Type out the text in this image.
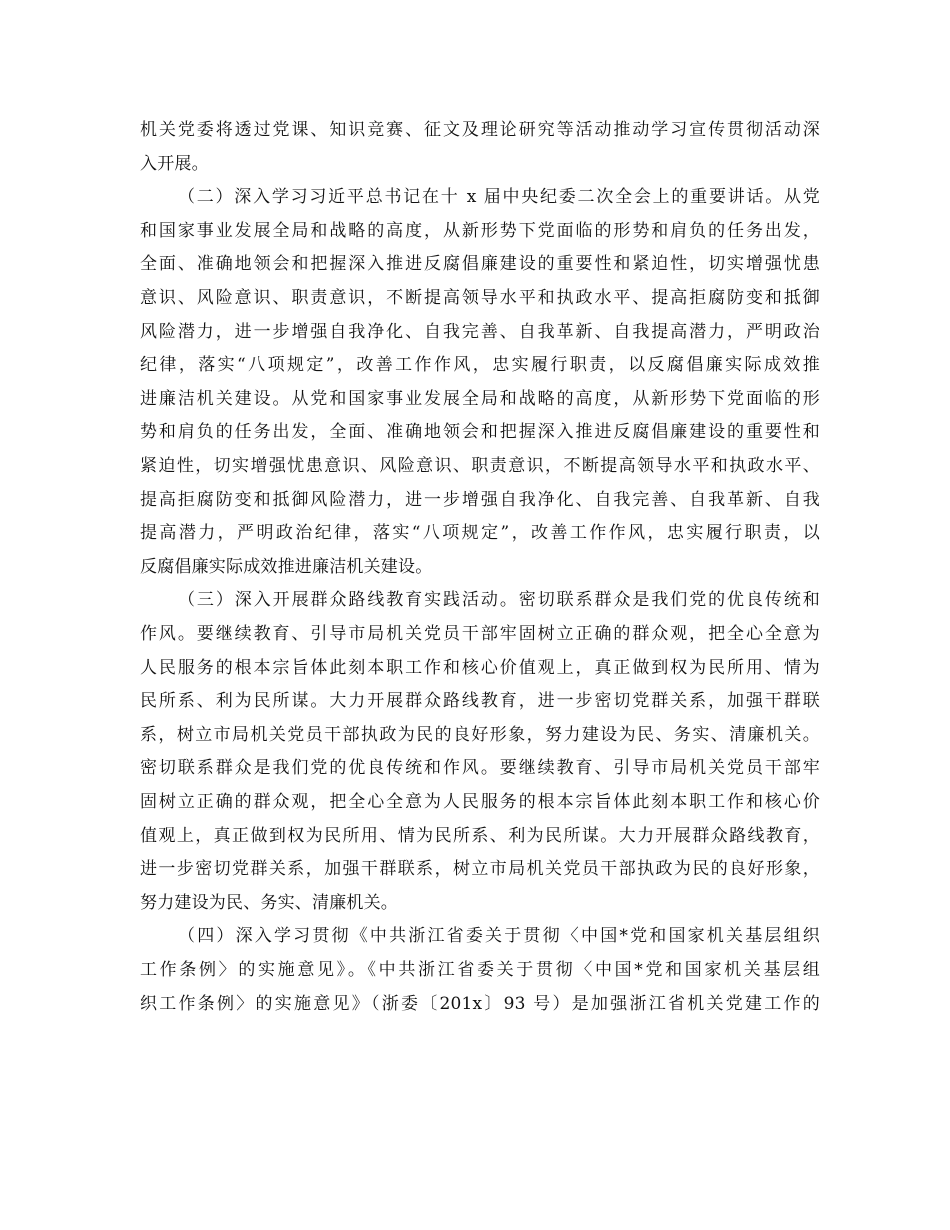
机关党委将透过党课、知识竞赛、征文及理论研究等活动推动学习宣传贯彻活动深
入开展。
（二）深入学习习近平总书记在十 x 届中央纪委二次全会上的重要讲话。从党
和国家事业发展全局和战略的高度，从新形势下党面临的形势和肩负的任务出发，
全面、准确地领会和把握深入推进反腐倡廉建设的重要性和紧迫性，切实增强忧患
意识、风险意识、职责意识，不断提高领导水平和执政水平、提高拒腐防变和抵御
风险潜力，进一步增强自我净化、自我完善、自我革新、自我提高潜力，严明政治
纪律，落实“八项规定”，改善工作作风，忠实履行职责，以反腐倡廉实际成效推
进廉洁机关建设。从党和国家事业发展全局和战略的高度，从新形势下党面临的形
势和肩负的任务出发，全面、准确地领会和把握深入推进反腐倡廉建设的重要性和
紧迫性，切实增强忧患意识、风险意识、职责意识，不断提高领导水平和执政水平、
提高拒腐防变和抵御风险潜力，进一步增强自我净化、自我完善、自我革新、自我
提高潜力，严明政治纪律，落实“八项规定”，改善工作作风，忠实履行职责，以
反腐倡廉实际成效推进廉洁机关建设。
（三）深入开展群众路线教育实践活动。密切联系群众是我们党的优良传统和
作风。要继续教育、引导市局机关党员干部牢固树立正确的群众观，把全心全意为
人民服务的根本宗旨体此刻本职工作和核心价值观上，真正做到权为民所用、情为
民所系、利为民所谋。大力开展群众路线教育，进一步密切党群关系，加强干群联
系，树立市局机关党员干部执政为民的良好形象，努力建设为民、务实、清廉机关。
密切联系群众是我们党的优良传统和作风。要继续教育、引导市局机关党员干部牢
固树立正确的群众观，把全心全意为人民服务的根本宗旨体此刻本职工作和核心价
值观上，真正做到权为民所用、情为民所系、利为民所谋。大力开展群众路线教育，
进一步密切党群关系，加强干群联系，树立市局机关党员干部执政为民的良好形象，
努力建设为民、务实、清廉机关。
（四）深入学习贯彻《中共浙江省委关于贯彻〈中国*党和国家机关基层组织
工作条例〉的实施意见》。《中共浙江省委关于贯彻〈中国*党和国家机关基层组
织工作条例〉的实施意见》（浙委〔201x〕93 号）是加强浙江省机关党建工作的
